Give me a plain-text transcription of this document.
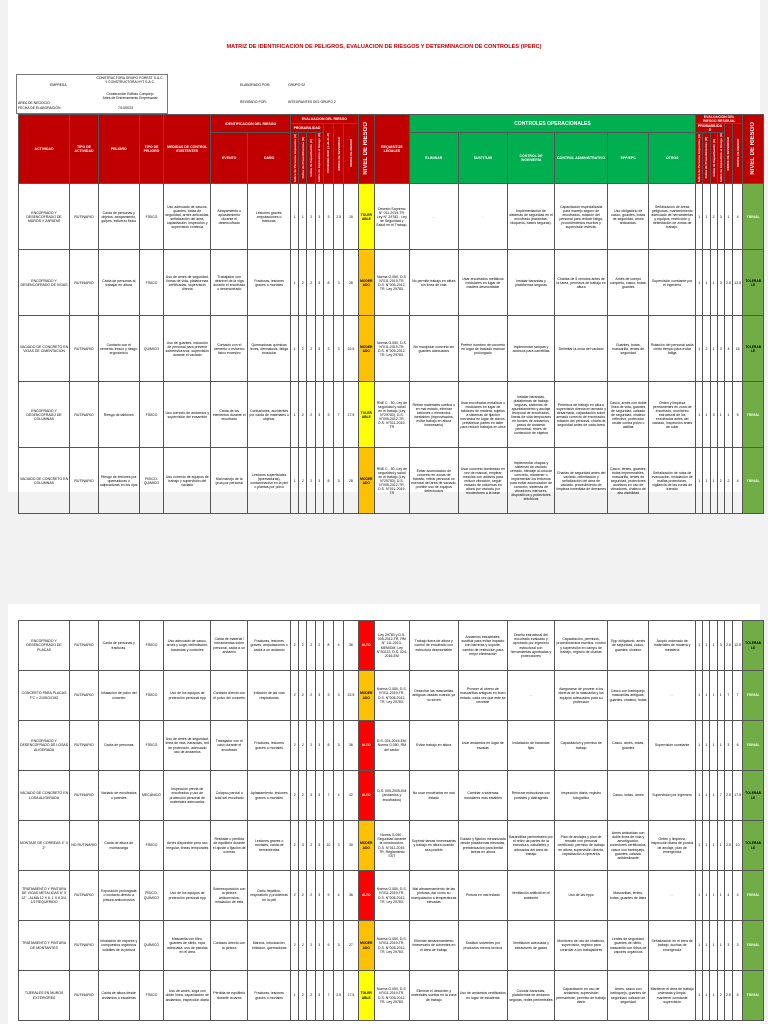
MATRIZ DE IDENTIFICACION DE PELIGROS, EVALUACION DE RIESGOS Y DETERMINACION DE CONTROLES (IPERC)
EMPRESA
CONSTRUCTORA GRUPO FOREST S.A.C.
Y CONSTRUCTORA HYT S.A.C.
Construcción Edificio Complejo
Artes de Entrenamiento Empresarial
ÁREA DE NEGOCIO
FECHA DE ELABORACIÓN	7/10/2023
ELABORADO POR:	GRUPO 02
REVISADO POR:	INTEGRANTES DEL GRUPO 2
ACTIVIDAD	TIPO DE ACTIVIDAD	PELIGRO	TIPO DE PELIGRO	MEDIDAS DE CONTROL EXISTENTES	IDENTIFICACION DEL RIESGO		EVALUACION DEL RIESGO							NIVEL DE RIESGO	REQUISITOS LEGALES	CONTROLES OPERACIONALES						EVALUACION DEL RIESGO RESIDUAL						NIVEL DE RIESGO
							PROBABILIDAD				PROBABILIDAD (A+B+C+D)	INDICE DE SEVERIDAD	INDICE DE RIESGO									PROBABILIDAD				INDICE DE SEVERIDAD	INDICE DE RIESGO	
					EVENTO	DAÑO	Indice de Personas Expuestas (A)	Indice de Procedimientos (B)	Indice de Capacitación (C)	Indice de Exposición al Riesgo (D)						ELIMINAR	SUSTITUIR	CONTROL DE INGENIERIA	CONTROL ADMINISTRATIVO	EPP/EPC	OTROS	Indice de Personas Expuestas (A)	Indice de Procedimientos (B)	Indice de Capacitación (C)	Indice de Exposición al Riesgo (D)			

ENCOFRADO Y DESENCOFRADO DE MUROS Y ZAPATAS	RUTINARIO	Caída de personas y objetos, atrapamiento, golpes, esfuerzo físico	FÍSICO	Uso adecuado de cascos, guantes, botas de seguridad, arnés anticaídas, señalización del área, capacitación, inspección y supervisión continua	Atrapamiento o aplastamiento durante el desencofrado	Lesiones graves, amputaciones o fracturas.	1	1	2	3	3	2.5	15	TOLERABLE	Decreto Supremo N° 011-2019-TR. Ley N° 29783 - Ley de Seguridad y Salud en el Trabajo.	-	-	Implementación de sistemas de seguridad en el encofrado (barandas, bloqueos, bases seguras).	Capacitación especializada para manejo seguro de encofrados, rotación del personal para reducir fatiga, procedimientos escritos y supervisión estricta.	Uso obligatorio de casco, guantes, botas de seguridad, arnés anticaídas.	Señalización de áreas peligrosas, mantenimiento adecuado de herramientas y equipos, restricción y delimitación de zonas de trabajo.	1	1	2	3	1	4	TRIVIAL
ENCOFRADO Y DESENCOFRADO DE VIGAS	RUTINARIO	Caída de personas al trabajar en altura	FÍSICO	Uso de arnés de seguridad, líneas de vida, plataformas certificadas, supervisión directa	Trabajador con desnivel de la viga durante el encofrado o desencofrado	Fracturas, lesiones graves o mortales	1	2	2	3	8	3	28	MODERADO	Norma G.050, D.S. N°011-2019-TR, D.S. N°005-2012-TR, Ley 29783.	No permitir trabajo en altura sin línea de vida	Usar encofrados metálicos modulares en lugar de madera desmontable	Instalar barandas y plataformas seguras	Charlas de 5 minutos antes de la tarea, permisos de trabajo en altura	Arnés de cuerpo completo, casco, botas, guantes	Supervisión constante por el ingeniero	1	1	1	3	2.5	12.5	TOLERABLE
VACIADO DE CONCRETO EN VIGAS DE CIMENTACION	RUTINARIO	Contacto con el cemento fresco y riesgo ergonómico	QUIMICO	Uso de guantes, inducción de personal para prevenir sobreesfuerzos, supervisión durante el vaciado	Contacto con el cemento o esfuerzo físico excesivo	Quemaduras químicas leves, dermatosis, fatiga muscular	1	2	2	3	3	3	22.5	MODERADO	Norma G.050, D.S. N°011-2019-TR, D.S. N°005-2012-TR, Ley 29783.	No manipular concreto sin guantes adecuados	Preferir bombeo de concreto en lugar de traslado manual prolongado	Implementar rampas y accesos para carretillas	Delimitar la zona del vaciado	Guantes, botas, mascarilla, lentes de seguridad	Rotación del personal cada cierto tiempo para evitar fatiga	1	2	1	3	4	15	TOLERABLE
ENCOFRADO Y DESENCOFRADO DE COLUMNAS	RUTINARIO	Riesgo de tablones	FÍSICO	Uso correcto de andamios y supervisión del ensamble	Caída de los elementos durante el encofrado	Contusiones, accidentes por caída de materiales u objetos.	1	2	2	3	3	7	17.5	TOLERABLE	RNE C - 50, Ley de seguridad y salud en el trabajo (Ley N°29783), D.S. N°005-2012-TR, D.S. N°011-2019-TR	Retirar materiales sueltos o en mal estado, eliminar tablones o elementos inestables (improvisados, evitar trabajo en altura innecesario)	Usar encofrados metálicos o modulares en lugar de tablones de madera, sujetos a sistemas de fijación mecánica en lugar de clavos, prefabricar partes en taller para reducir trabajos en obra	Instalar barandas, plataformas de trabajo seguras, sistemas de apuntalamiento y anclaje temporal de encofrados, líneas de vida temporales en bordes de andamios, pasos de andamio perimetral, redes de contención de objetos	Permisos de trabajo en altura, supervisión directa en armado y desarmado, capacitación sobre armado correcto de encofrados, rotación del personal, charla de seguridad antes de cada tarea	Casco, arnés con doble línea de vida, guantes de seguridad, calzado de seguridad, chaleco reflectivo, protección ocular contra polvo o astillas	Orden y limpieza permanentes en zona de encofrado, monitoreo estructural de los encofrados antes del vaciado, inspección antes de colar	1	1	3	1	1	5	TRIVIAL
VACIADO DE CONCRETO EN COLUMNAS	RUTINARIO	Riesgo de lesiones por quemaduras o salpicaduras en los ojos	FISICO-QUIMICO	Uso correcto de equipos de trabajo y supervisión del vaciado	Mal manejo de la grúa por personal	Lesiones superficiales (quemaduras), contaminación en la piel o plantas por polvo	1	2	2	3	8	3	28	MODERADO	RNE C - 50, Ley de seguridad y salud en el trabajo (Ley N°29783), D.S. N°005-2012-TR, D.S. N°011-2019-TR	Evitar acumulación de concreto en zonas de tránsito, retirar personal no esencial del área de vaciado, prohibir uso de equipos defectuosos	Usar concreto bombeado en vez de manual, emplear mezclas con aditivos para reducir vibración, seguir vaciado de columnas en altura por vaciado por recolectores a la base	Implementar chapas y sistemas de vaciado cerrado, blindaje al colocar concreto, mantener o implementar los entornos para evitar acumulación de concreto, sistemas de vibradores interiores, dispositivos y protectores eléctricos	Charlas de seguridad antes del vaciado, delimitación y señalización del área de vaciado, procedimiento de limpieza inmediata de derrames	Casco, lentes, guantes, botas impermeables, mascarilla, lentes de seguridad, protectores auditivos en uso de vibradores, chaleco de alta visibilidad	Señalización de rutas de evacuación, instalación de mallas protectoras, vigilancia de las zonas de tránsito	1	1	1	2	2	4	TRIVIAL
ENCOFRADO Y DESENCOFRADO DE PLACAS	RUTINARIO	Caída de personas y fracturas.	FÍSICO	Uso adecuado de casco, arnés y soga, delimitación, barandas y controles	Caída de material / herramientas sobre personal, caída a un andamio	Fracturas, lesiones graves, amputaciones o caída a un andamio	2	2	2	2	8	4	36	ALTO	Ley 29783 y D.S. 005-2012-TR, RM N° 111-2013-MEM/DM, Ley N°30222, D.S. 024-2016-EM	Trabajo fuera de altura y control de encofrado con estructura desmontable	Andamios industriales, sustituir para evitar impacto con barreras y soporte, cambio de restricción para mejor eliminación	Diseño estructural del encofrado evaluado y aprobado por ingeniero estructural con herramientas aprobadas y protecciones	Capacitación, permisos, procedimientos escritos, control y supervisión en campo de trabajo, registro de charlas	Epp obligatorio, arnés de seguridad, casco, guantes, chaleco	Acopio ordenado de materiales de madera y metalería	1	1	1	3	2.5	12.5	TOLERABLE
CONCRETO PARA PLACAS F'C = 210KG/CM2	RUTINARIO	Inhalación de polvo del concreto	FÍSICO	Uso de los equipos de protección personal epp	Contacto directo con el polvo del concreto	Irritación de las vías respiratorias	2	2	2	3	3	3	22.5	MODERADO	Norma G.050, D.S. N°011-2019-TR, D.S. N°005-2012-TR, Ley 29783.	Desechar las mascarillas antiguas usadas cuando ya no sirven	Proveer al obrero de mascarillas antiguas en buen estado, cada vez que este se necesite	-	Asegurarse de proveer a los obreros de la mascarilla y los equipos adecuados para su protección	Casco con barbiquejo, mascarillas antiguas, guantes, chaleco, botas	-	1	1	1	1	7	7	TRIVIAL
ENCOFRADO Y DESENCOFRADO DE LOSAS ALIGERADA	RUTINARIO	Caída de personas	FÍSICO	Uso de arnés de seguridad, línea de vida, barandas, red de protección, adecuado uso de andamios	Trabajador con el caso durante el encofrado	Fracturas, lesiones graves o mortales	2	2	2	3	8	3	36	ALTO	D.S. 024-2016-EM, Norma G.050, RM del sector	Evitar trabajo en altura	Usar andamios en lugar de escalas	Instalación de barandas fijas	Capacitación y permiso de trabajo	Casco, arnés, botas, guantes	Supervisión constante	1	1	1	1	3	6	TRIVIAL
VACIADO DE CONCRETO EN LOSA ALIGERADA	RUTINARIO	Vaciado de encofrados o paredes	MECÁNICO	Inspección previa de encofrados y uso de protección personal de materiales adecuados	Colapso parcial o total del encofrado	Aplastamiento, lesiones graves o mortales	2	2	3	3	7	4	42	ALTO	D.S. 005-2005-EM (andamios y encofrados)	No usar encofrados en mal estado	Cambiar a sistemas modulares más estables	Reforzar estructuras con puntales y diafragmas	Inspección diaria, registro fotográfico	Casco, botas, arnés	Supervisión por ingeniero	1	1	1	7	2.5	17.5	TOLERABLE
MONTAJE DE CORREAS 4" X 2"	NO RUTINARIO	Caída de altura de montacarga	FÍSICO	Arnés disponible pero uso irregular, líneas temporales	Resbalar o perdida de equilibrio durante el ajuste o fijación de correas	Lesiones graves o mortales, caída de herramientas	2	3	2	3	10	3	30	MODERADO	Norma G.050 - Seguridad durante la construcción, D.S. N°011-2019-TR, Reglamento SST	Suprimir tareas innecesarias y trabajo en altura cuando sea posible	Guiado y fijación mecanizada desde plataformas elevadas, prefabricación para limitar tareas en altura	Barandillas perimetrales por el retiro de partes de la estructura, caballetes y adosados del área de trabajo	Plan de anclajes y plan de rescate con personal certificado, permiso de trabajo en altura, supervisión directa, capacitación a operarios	Arnés anticaídas con doble línea de vida y amortiguador, conectores certificados, casco con barbiquejo, guantes, calzado antideslizante	Orden y limpieza, inspección diaria de puntos de anclaje, plan de emergencia	1	1	1	1	2.5	10	TOLERABLE
TRATAMIENTO Y PINTURA DE VIGAS METALICAS 6" X 12" - ALMA 12 X 6, 1 X 6 3/4, 1/2 REQUERIDO	RUTINARIO	Exposición prolongada o contacto directo a pintura anticorrosiva	FÍSICO-QUÍMICO	Uso de los equipos de protección personal epp	Sobreexposición con la pintura anticorrosiva, inhalación de esta	Daño hepático, respiratorio y problemas en la piel	2	2	2	3	9	4	36	ALTO	Norma G.050, D.S. N°011-2019-TR, D.S. N°005-2012-TR, Ley 29783.	Mal almacenamiento de las pinturas, así como su manipulación a temperaturas elevadas	Pintura en mal estado	Ventilación artificial en el ambiente	Uso de las epps	Mascarillas, lentes, botas, guantes de látex	-	1	1	1	1	4	4	TRIVIAL
TRATAMIENTO Y PINTURA DE MONTANTES	RUTINARIO	Inhalación de vapores y compuestos orgánicos volátiles de la pintura	QUÍMICO	Mascarilla con filtro, guantes de nitrilo, ropa adecuada, uso de pistolas en el área	Contacto directo con la pintura	Mareos, intoxicación, irritación, quemaduras	2	2	2	3	9	3	27	MODERADO	Norma G.050, D.S. N°011-2019-TR, D.S. N°005-2012-TR, Ley 29783.	Eliminar almacenamiento innecesario de solventes en el área de trabajo	Sustituir solventes por productos menos tóxicos	Ventilación adecuada y extractores de gases	Monitoreo de uso de chalecos, supervisión, registro para controlar a los trabajadores	Lentes de seguridad, guantes de nitrilo, mascarilla con filtros de vapores orgánicos	Señalización en el área de trabajo, duchas de emergencia	1	1	1	1	3	3	TRIVIAL
TIJERALES EN MUROS EXTERIORES	RUTINARIO	Caída de altura desde andamios o escaleras	FÍSICO	Uso de arnés, soga con doble línea, capacitación de andamios, inspección diaria	Pérdida de equilibrio durante la tarea	Fracturas, lesiones graves o mortales	1	2	2	3	7	2.5	17.5	TOLERABLE	Norma G.050, D.S. N°011-2019-TR, D.S. N°005-2012-TR, Ley 29783.	Eliminar el desorden y materiales sueltos en la zona de trabajo	Uso de andamios certificados en lugar de escaleras	Colocar barandas, plataformas de andamio seguras, redes perimetrales	Capacitación en uso de andamios, supervisión permanente, permiso de trabajo diario	Arnés, casco con barbiquejo, guantes de seguridad, calzado de seguridad	Mantener el área de trabajo ordenada y limpia, mantener constante supervisión	1	1	1	2	2.5	5	TRIVIAL
